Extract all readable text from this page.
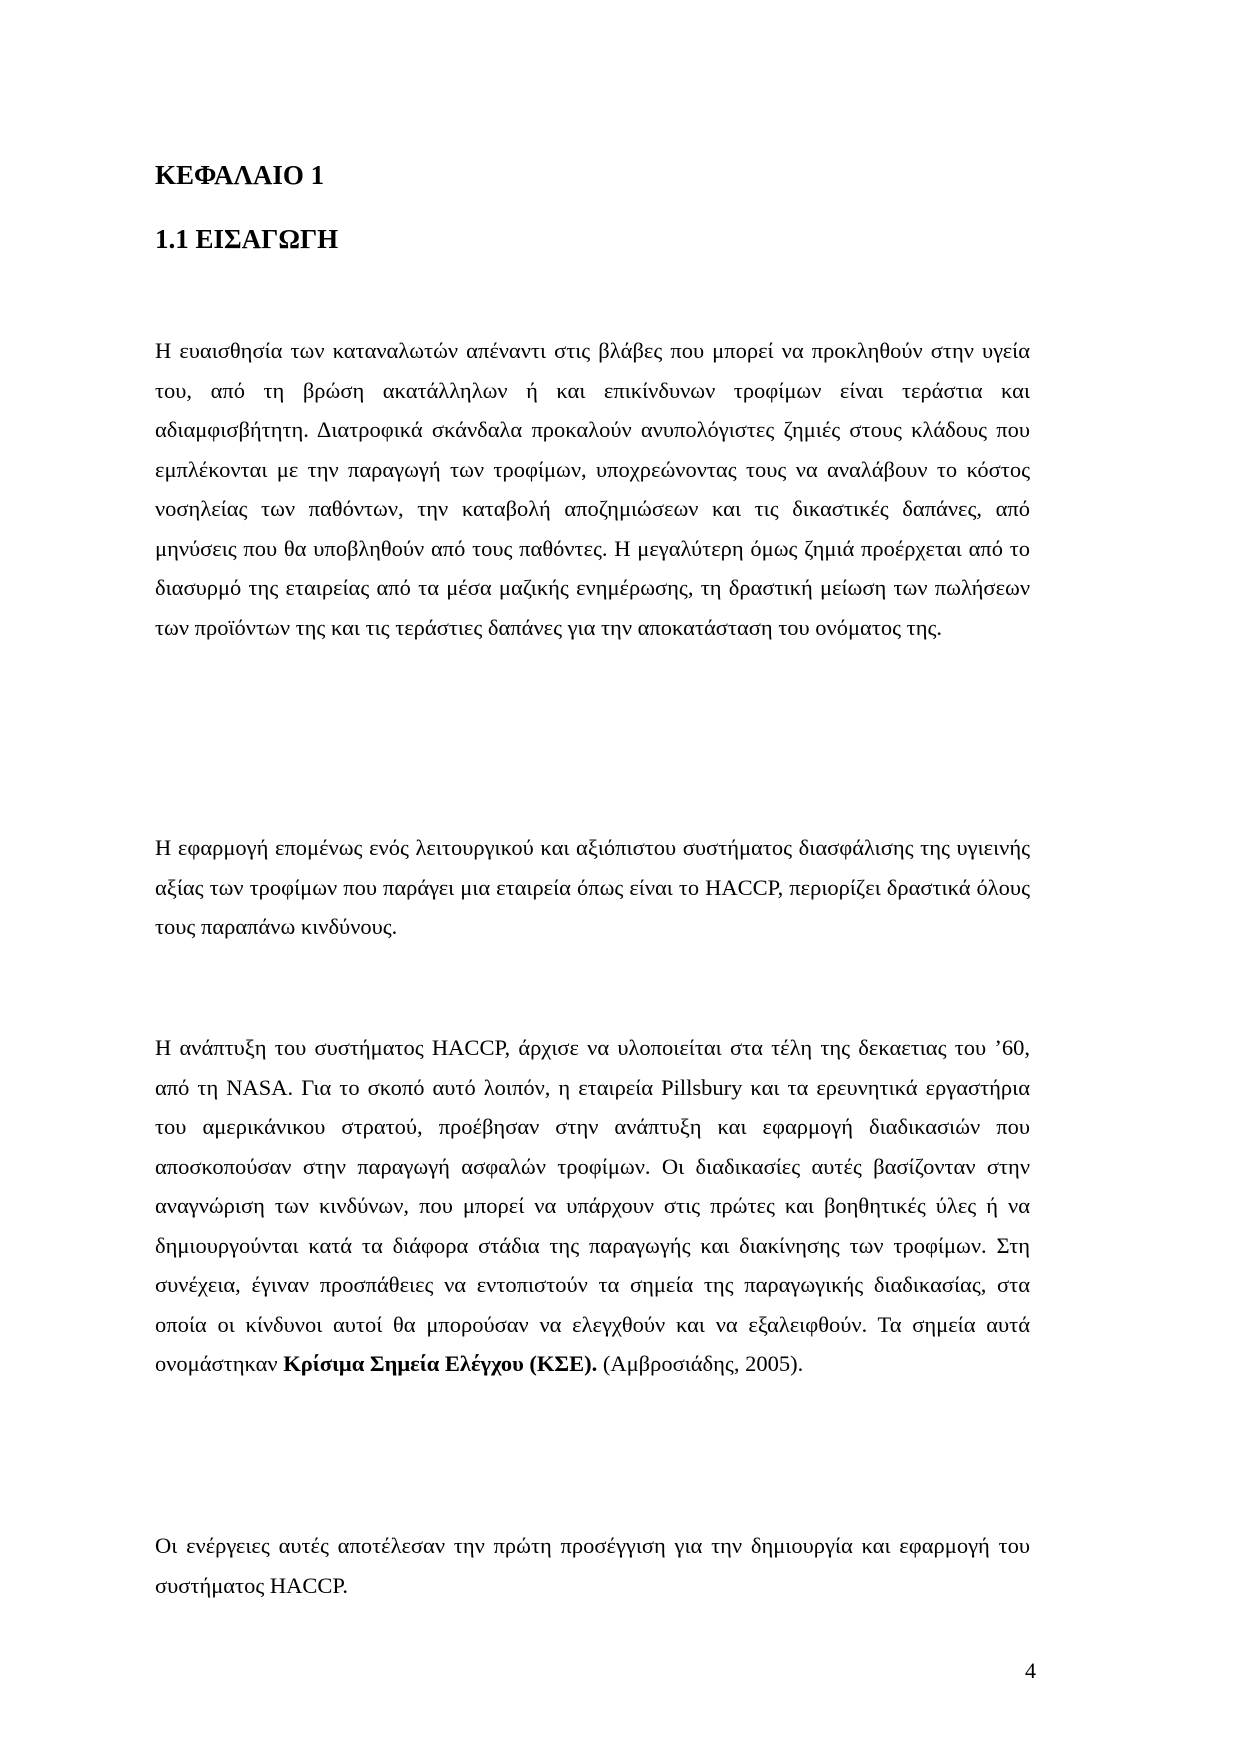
ΚΕΦΑΛΑΙΟ 1
1.1 ΕΙΣΑΓΩΓΗ

Η ευαισθησία των καταναλωτών απέναντι στις βλάβες που μπορεί να προκληθούν στην υγεία του, από τη βρώση ακατάλληλων ή και επικίνδυνων τροφίμων είναι τεράστια και αδιαμφισβήτητη. Διατροφικά σκάνδαλα προκαλούν ανυπολόγιστες ζημιές στους κλάδους που εμπλέκονται με την παραγωγή των τροφίμων, υποχρεώνοντας τους να αναλάβουν το κόστος νοσηλείας των παθόντων, την καταβολή αποζημιώσεων και τις δικαστικές δαπάνες, από μηνύσεις που θα υποβληθούν από τους παθόντες. Η μεγαλύτερη όμως ζημιά προέρχεται από το διασυρμό της εταιρείας από τα μέσα μαζικής ενημέρωσης, τη δραστική μείωση των πωλήσεων των προϊόντων της και τις τεράστιες δαπάνες για την αποκατάσταση του ονόματος της.

Η εφαρμογή επομένως ενός λειτουργικού και αξιόπιστου συστήματος διασφάλισης της υγιεινής αξίας των τροφίμων που παράγει μια εταιρεία όπως είναι το HACCP, περιορίζει δραστικά όλους τους παραπάνω κινδύνους.

Η ανάπτυξη του συστήματος HACCP, άρχισε να υλοποιείται στα τέλη της δεκαετιας του ’60, από τη NASA. Για το σκοπό αυτό λοιπόν, η εταιρεία Pillsbury και τα ερευνητικά εργαστήρια του αμερικάνικου στρατού, προέβησαν στην ανάπτυξη και εφαρμογή διαδικασιών που αποσκοπούσαν στην παραγωγή ασφαλών τροφίμων. Οι διαδικασίες αυτές βασίζονταν στην αναγνώριση των κινδύνων, που μπορεί να υπάρχουν στις πρώτες και βοηθητικές ύλες ή να δημιουργούνται κατά τα διάφορα στάδια της παραγωγής και διακίνησης των τροφίμων. Στη συνέχεια, έγιναν προσπάθειες να εντοπιστούν τα σημεία της παραγωγικής διαδικασίας, στα οποία οι κίνδυνοι αυτοί θα μπορούσαν να ελεγχθούν και να εξαλειφθούν. Τα σημεία αυτά ονομάστηκαν Κρίσιμα Σημεία Ελέγχου (ΚΣΕ). (Αμβροσιάδης, 2005).

Οι ενέργειες αυτές αποτέλεσαν την πρώτη προσέγγιση για την δημιουργία και εφαρμογή του συστήματος HACCP.

4
